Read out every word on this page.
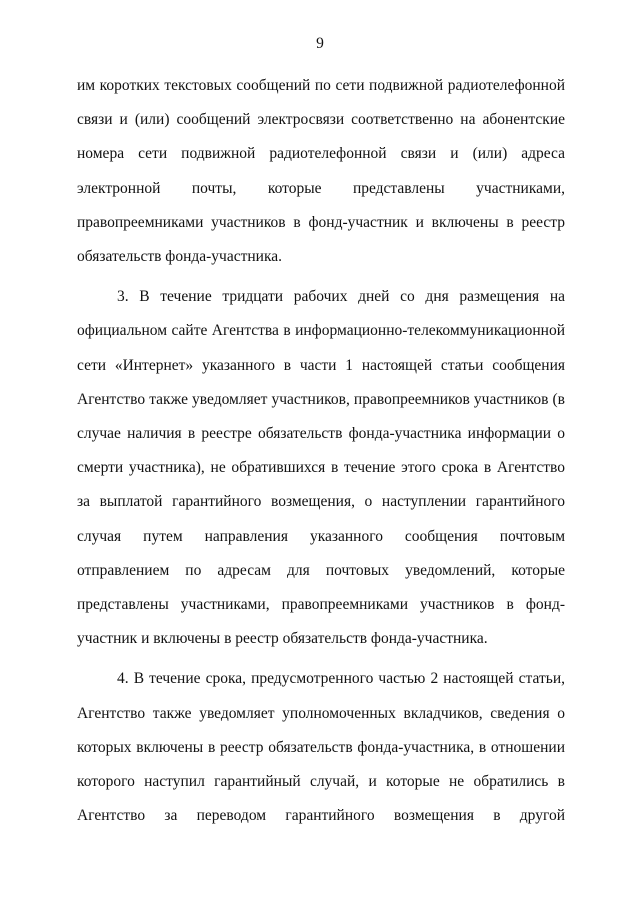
9

им коротких текстовых сообщений по сети подвижной радиотелефонной связи и (или) сообщений электросвязи соответственно на абонентские номера сети подвижной радиотелефонной связи и (или) адреса электронной почты, которые представлены участниками, правопреемниками участников в фонд-участник и включены в реестр обязательств фонда-участника.

3. В течение тридцати рабочих дней со дня размещения на официальном сайте Агентства в информационно-телекоммуникационной сети «Интернет» указанного в части 1 настоящей статьи сообщения Агентство также уведомляет участников, правопреемников участников (в случае наличия в реестре обязательств фонда-участника информации о смерти участника), не обратившихся в течение этого срока в Агентство за выплатой гарантийного возмещения, о наступлении гарантийного случая путем направления указанного сообщения почтовым отправлением по адресам для почтовых уведомлений, которые представлены участниками, правопреемниками участников в фонд-участник и включены в реестр обязательств фонда-участника.

4. В течение срока, предусмотренного частью 2 настоящей статьи, Агентство также уведомляет уполномоченных вкладчиков, сведения о которых включены в реестр обязательств фонда-участника, в отношении которого наступил гарантийный случай, и которые не обратились в Агентство за переводом гарантийного возмещения в другой
